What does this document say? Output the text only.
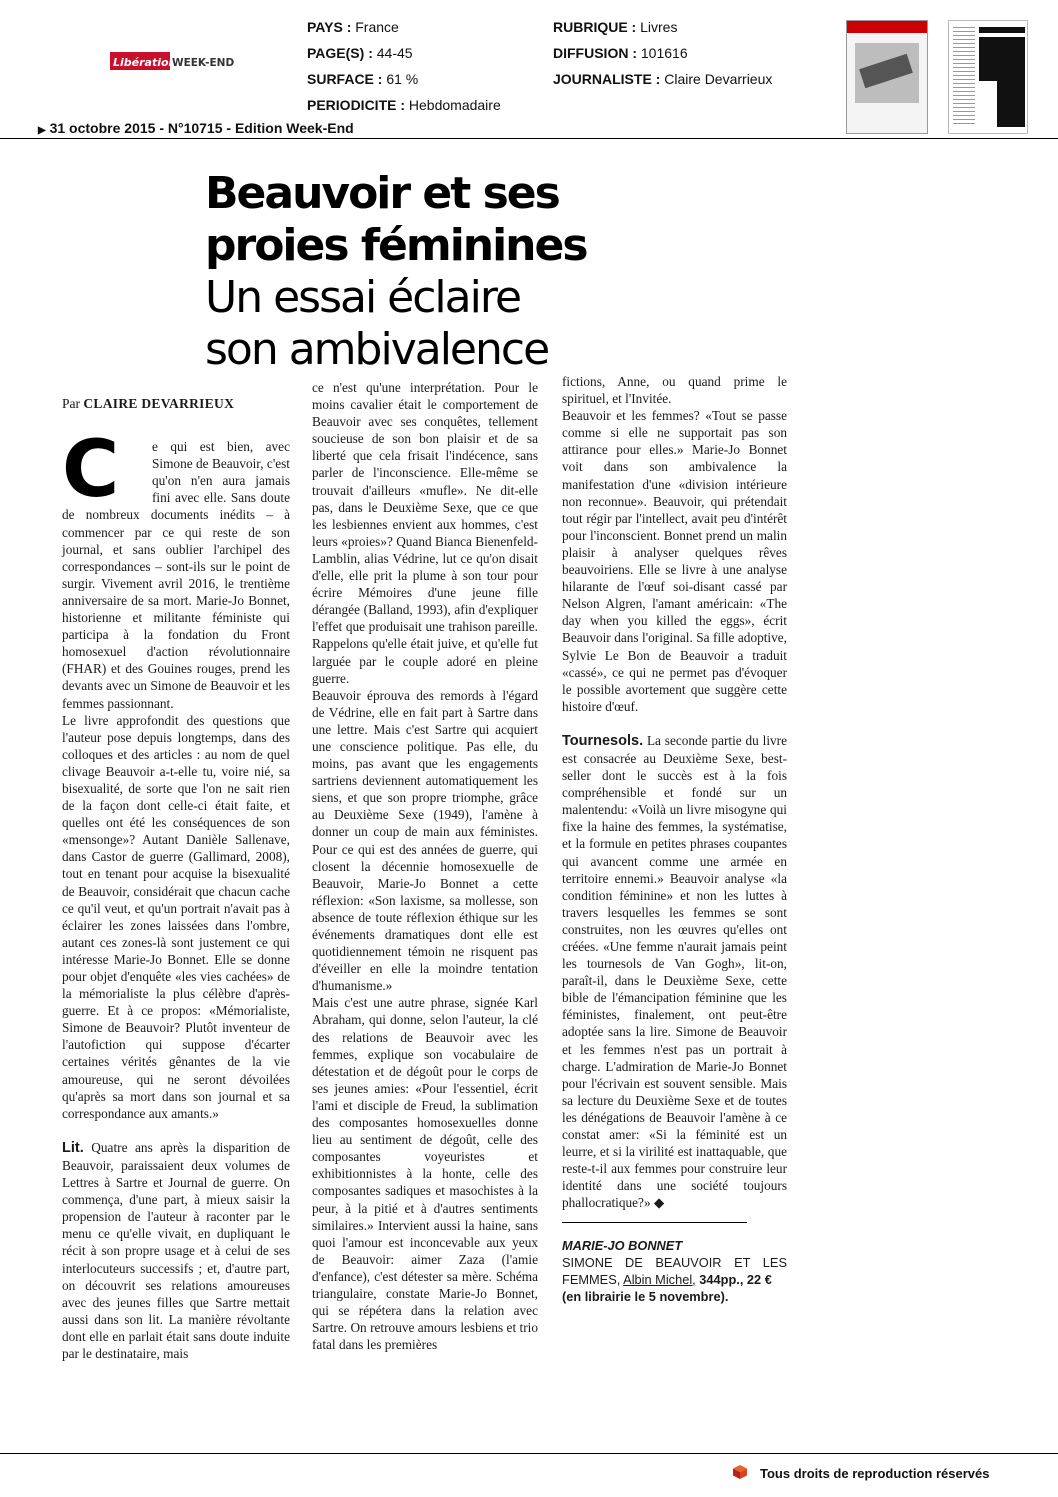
Libération
WEEK-END
PAYS : France
PAGE(S) : 44-45
SURFACE : 61 %
PERIODICITE : Hebdomadaire
RUBRIQUE : Livres
DIFFUSION : 101616
JOURNALISTE : Claire Devarrieux
▶ 31 octobre 2015 - N°10715 - Edition Week-End
Beauvoir et ses
proies féminines
Un essai éclaire
son ambivalence
Par CLAIRE DEVARRIEUX
C	e qui est bien, avec Simone de Beauvoir, c'est qu'on n'en aura jamais fini avec elle. Sans doute de nombreux documents inédits – à commencer par ce qui reste de son journal, et sans oublier l'archipel des correspondances – sont-ils sur le point de surgir. Vivement avril 2016, le trentième anniversaire de sa mort. Marie-Jo Bonnet, historienne et militante féministe qui participa à la fondation du Front homosexuel d'action révolutionnaire (FHAR) et des Gouines rouges, prend les devants avec un Simone de Beauvoir et les femmes passionnant.

Le livre approfondit des questions que l'auteur pose depuis longtemps, dans des colloques et des articles : au nom de quel clivage Beauvoir a-t-elle tu, voire nié, sa bisexualité, de sorte que l'on ne sait rien de la façon dont celle-ci était faite, et quelles ont été les conséquences de son «mensonge»? Autant Danièle Sallenave, dans Castor de guerre (Gallimard, 2008), tout en tenant pour acquise la bisexualité de Beauvoir, considérait que chacun cache ce qu'il veut, et qu'un portrait n'avait pas à éclairer les zones laissées dans l'ombre, autant ces zones-là sont justement ce qui intéresse Marie-Jo Bonnet. Elle se donne pour objet d'enquête «les vies cachées» de la mémorialiste la plus célèbre d'après-guerre. Et à ce propos: «Mémorialiste, Simone de Beauvoir? Plutôt inventeur de l'autofiction qui suppose d'écarter certaines vérités gênantes de la vie amoureuse, qui ne seront dévoilées qu'après sa mort dans son journal et sa correspondance aux amants.»

Lit. Quatre ans après la disparition de Beauvoir, paraissaient deux volumes de Lettres à Sartre et Journal de guerre. On commença, d'une part, à mieux saisir la propension de l'auteur à raconter par le menu ce qu'elle vivait, en dupliquant le récit à son propre usage et à celui de ses interlocuteurs successifs ; et, d'autre part, on découvrit ses relations amoureuses avec des jeunes filles que Sartre mettait aussi dans son lit. La manière révoltante dont elle en parlait était sans doute induite par le destinataire, mais

ce n'est qu'une interprétation. Pour le moins cavalier était le comportement de Beauvoir avec ses conquêtes, tellement soucieuse de son bon plaisir et de sa liberté que cela frisait l'indécence, sans parler de l'inconscience. Elle-même se trouvait d'ailleurs «mufle». Ne dit-elle pas, dans le Deuxième Sexe, que ce que les lesbiennes envient aux hommes, c'est leurs «proies»? Quand Bianca Bienenfeld-Lamblin, alias Védrine, lut ce qu'on disait d'elle, elle prit la plume à son tour pour écrire Mémoires d'une jeune fille dérangée (Balland, 1993), afin d'expliquer l'effet que produisait une trahison pareille. Rappelons qu'elle était juive, et qu'elle fut larguée par le couple adoré en pleine guerre.

Beauvoir éprouva des remords à l'égard de Védrine, elle en fait part à Sartre dans une lettre. Mais c'est Sartre qui acquiert une conscience politique. Pas elle, du moins, pas avant que les engagements sartriens deviennent automatiquement les siens, et que son propre triomphe, grâce au Deuxième Sexe (1949), l'amène à donner un coup de main aux féministes. Pour ce qui est des années de guerre, qui closent la décennie homosexuelle de Beauvoir, Marie-Jo Bonnet a cette réflexion: «Son laxisme, sa mollesse, son absence de toute réflexion éthique sur les événements dramatiques dont elle est quotidiennement témoin ne risquent pas d'éveiller en elle la moindre tentation d'humanisme.»

Mais c'est une autre phrase, signée Karl Abraham, qui donne, selon l'auteur, la clé des relations de Beauvoir avec les femmes, explique son vocabulaire de détestation et de dégoût pour le corps de ses jeunes amies: «Pour l'essentiel, écrit l'ami et disciple de Freud, la sublimation des composantes homosexuelles donne lieu au sentiment de dégoût, celle des composantes voyeuristes et exhibitionnistes à la honte, celle des composantes sadiques et masochistes à la peur, à la pitié et à d'autres sentiments similaires.» Intervient aussi la haine, sans quoi l'amour est inconcevable aux yeux de Beauvoir: aimer Zaza (l'amie d'enfance), c'est détester sa mère. Schéma triangulaire, constate Marie-Jo Bonnet, qui se répétera dans la relation avec Sartre. On retrouve amours lesbiens et trio fatal dans les premières

fictions, Anne, ou quand prime le spirituel, et l'Invitée.

Beauvoir et les femmes? «Tout se passe comme si elle ne supportait pas son attirance pour elles.» Marie-Jo Bonnet voit dans son ambivalence la manifestation d'une «division intérieure non reconnue». Beauvoir, qui prétendait tout régir par l'intellect, avait peu d'intérêt pour l'inconscient. Bonnet prend un malin plaisir à analyser quelques rêves beauvoiriens. Elle se livre à une analyse hilarante de l'œuf soi-disant cassé par Nelson Algren, l'amant américain: «The day when you killed the eggs», écrit Beauvoir dans l'original. Sa fille adoptive, Sylvie Le Bon de Beauvoir a traduit «cassé», ce qui ne permet pas d'évoquer le possible avortement que suggère cette histoire d'œuf.

Tournesols. La seconde partie du livre est consacrée au Deuxième Sexe, best-seller dont le succès est à la fois compréhensible et fondé sur un malentendu: «Voilà un livre misogyne qui fixe la haine des femmes, la systématise, et la formule en petites phrases coupantes qui avancent comme une armée en territoire ennemi.» Beauvoir analyse «la condition féminine» et non les luttes à travers lesquelles les femmes se sont construites, non les œuvres qu'elles ont créées. «Une femme n'aurait jamais peint les tournesols de Van Gogh», lit-on, paraît-il, dans le Deuxième Sexe, cette bible de l'émancipation féminine que les féministes, finalement, ont peut-être adoptée sans la lire. Simone de Beauvoir et les femmes n'est pas un portrait à charge. L'admiration de Marie-Jo Bonnet pour l'écrivain est souvent sensible. Mais sa lecture du Deuxième Sexe et de toutes les dénégations de Beauvoir l'amène à ce constat amer: «Si la féminité est un leurre, et si la virilité est inattaquable, que reste-t-il aux femmes pour construire leur identité dans une société toujours phallocratique?» ◆

MARIE-JO BONNET
SIMONE DE BEAUVOIR ET LES FEMMES, Albin Michel, 344pp., 22 €
(en librairie le 5 novembre).
Tous droits de reproduction réservés
